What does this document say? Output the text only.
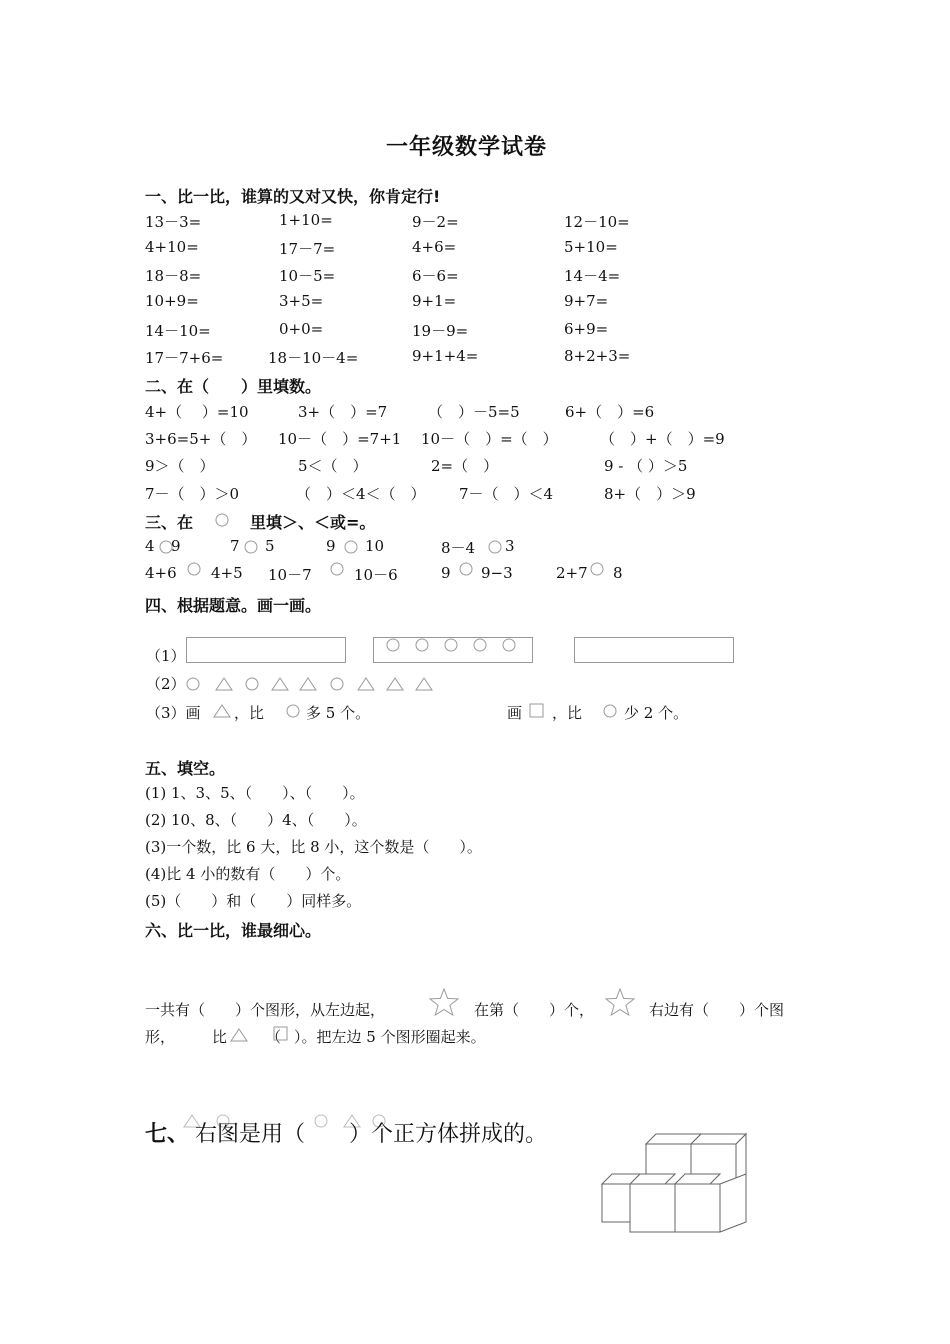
一年级数学试卷
一、比一比，谁算的又对又快，你肯定行!
13－3=	1+10=	9－2=	12－10=
4+10=	17－7=	4+6=	5+10=
18－8=	10－5=	6－6=	14－4=
10+9=	3+5=	9+1=	9+7=
14－10=	0+0=	19－9=	6+9=
17－7+6=	18－10－4=	9+1+4=	8+2+3=
二、在（　　）里填数。
4+（　 ）=10	3+（　）=7	（　）－5=5	6+（　）=6
3+6=5+（　） 10－（　）=7+1 10－（　）=（　）	（　）+（　）=9
9＞（　）	5＜（　）	2=（　）	9 - （ ）＞5
7－（　）＞0	（　）＜4＜（　） 7－（　）＜4	8+（　）＞9
三、在	里填＞、＜或=。
4 9	7 5	9 10	8－4 3
4+6 4+5 10－7	10－6	9 9−3	2+7 8
四、根据题意。画一画。
（1）
（2）
（3）画 ，比	多 5 个。	画 ，比	少 2 个。
五、填空。
(1) 1、3、5、（　　）、（　　）。
(2) 10、8、（　　）4、（　　）。
(3)一个数，比 6 大，比 8 小，这个数是（　　）。
(4)比 4 小的数有（　　）个。
(5)（　　）和（　　）同样多。
六、比一比，谁最细心。
一共有（　　）个图形，从左边起，	在第（　　）个，	右边有（　　）个图
形， 比	（ ）。把左边 5 个图形圈起来。
七、 右图是用（　　）个正方体拼成的。
